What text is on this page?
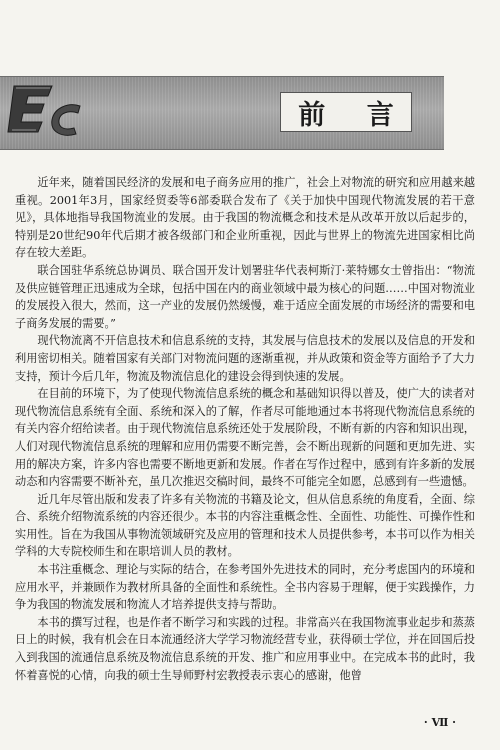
前 言

近年来，随着国民经济的发展和电子商务应用的推广，社会上对物流的研究和应用越来越重视。2001年3月，国家经贸委等6部委联合发布了《关于加快中国现代物流发展的若干意见》，具体地指导我国物流业的发展。由于我国的物流概念和技术是从改革开放以后起步的，特别是20世纪90年代后期才被各级部门和企业所重视，因此与世界上的物流先进国家相比尚存在较大差距。

联合国驻华系统总协调员、联合国开发计划署驻华代表柯斯汀·莱特娜女士曾指出：“物流及供应链管理正迅速成为全球，包括中国在内的商业领域中最为核心的问题……中国对物流业的发展投入很大，然而，这一产业的发展仍然缓慢，难于适应全面发展的市场经济的需要和电子商务发展的需要。”

现代物流离不开信息技术和信息系统的支持，其发展与信息技术的发展以及信息的开发和利用密切相关。随着国家有关部门对物流问题的逐渐重视，并从政策和资金等方面给予了大力支持，预计今后几年，物流及物流信息化的建设会得到快速的发展。

在目前的环境下，为了使现代物流信息系统的概念和基础知识得以普及，使广大的读者对现代物流信息系统有全面、系统和深入的了解，作者尽可能地通过本书将现代物流信息系统的有关内容介绍给读者。由于现代物流信息系统还处于发展阶段，不断有新的内容和知识出现，人们对现代物流信息系统的理解和应用仍需要不断完善，会不断出现新的问题和更加先进、实用的解决方案，许多内容也需要不断地更新和发展。作者在写作过程中，感到有许多新的发展动态和内容需要不断补充，虽几次推迟交稿时间，最终不可能完全如愿，总感到有一些遗憾。

近几年尽管出版和发表了许多有关物流的书籍及论文，但从信息系统的角度看，全面、综合、系统介绍物流系统的内容还很少。本书的内容注重概念性、全面性、功能性、可操作性和实用性。旨在为我国从事物流领域研究及应用的管理和技术人员提供参考，本书可以作为相关学科的大专院校师生和在职培训人员的教材。

本书注重概念、理论与实际的结合，在参考国外先进技术的同时，充分考虑国内的环境和应用水平，并兼顾作为教材所具备的全面性和系统性。全书内容易于理解，便于实践操作，力争为我国的物流发展和物流人才培养提供支持与帮助。

本书的撰写过程，也是作者不断学习和实践的过程。非常高兴在我国物流事业起步和蒸蒸日上的时候，我有机会在日本流通经济大学学习物流经营专业，获得硕士学位，并在回国后投入到我国的流通信息系统及物流信息系统的开发、推广和应用事业中。在完成本书的此时，我怀着喜悦的心情，向我的硕士生导师野村宏教授表示衷心的感谢，他曾

· Ⅶ ·
